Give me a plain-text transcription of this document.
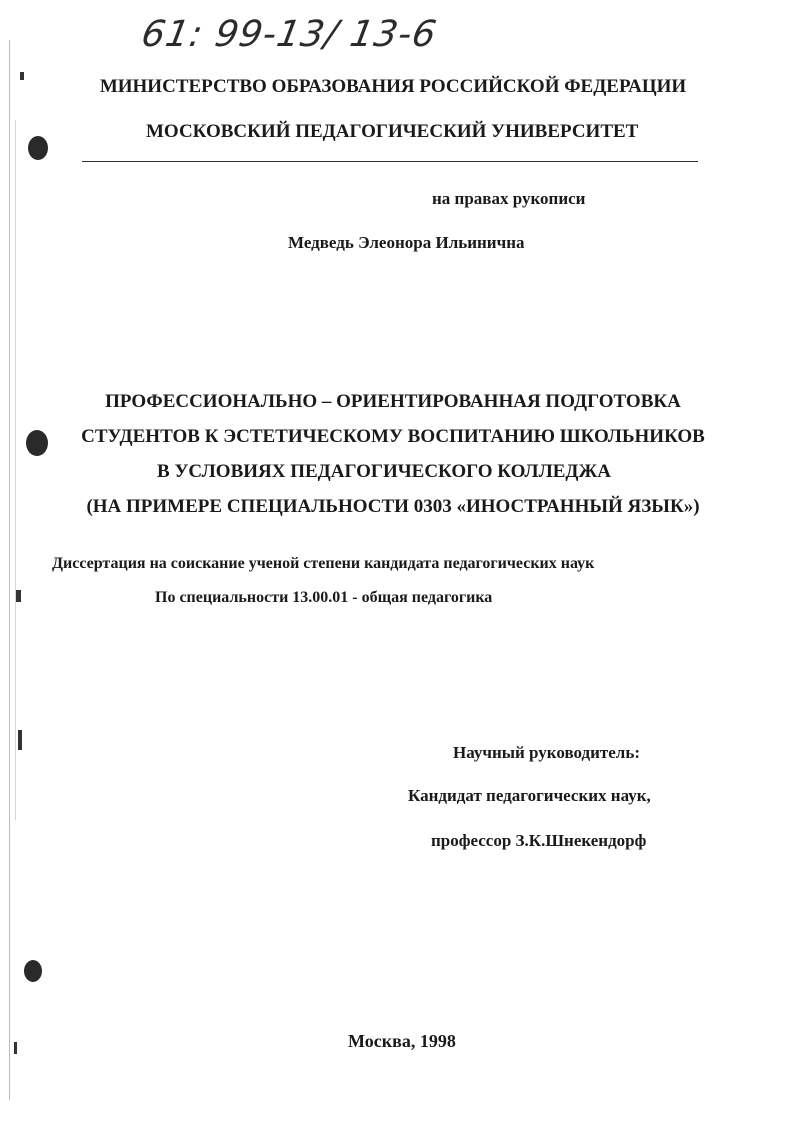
61: 99-13/ 13-6
МИНИСТЕРСТВО ОБРАЗОВАНИЯ РОССИЙСКОЙ ФЕДЕРАЦИИ
МОСКОВСКИЙ ПЕДАГОГИЧЕСКИЙ УНИВЕРСИТЕТ
на правах рукописи
Медведь Элеонора Ильинична
ПРОФЕССИОНАЛЬНО – ОРИЕНТИРОВАННАЯ ПОДГОТОВКА
СТУДЕНТОВ К ЭСТЕТИЧЕСКОМУ ВОСПИТАНИЮ ШКОЛЬНИКОВ
В УСЛОВИЯХ ПЕДАГОГИЧЕСКОГО КОЛЛЕДЖА
(НА ПРИМЕРЕ СПЕЦИАЛЬНОСТИ 0303 «ИНОСТРАННЫЙ ЯЗЫК»)
Диссертация на соискание ученой степени кандидата педагогических наук
По специальности 13.00.01 - общая педагогика
Научный руководитель:
Кандидат педагогических наук,
профессор З.К.Шнекендорф
Москва, 1998
